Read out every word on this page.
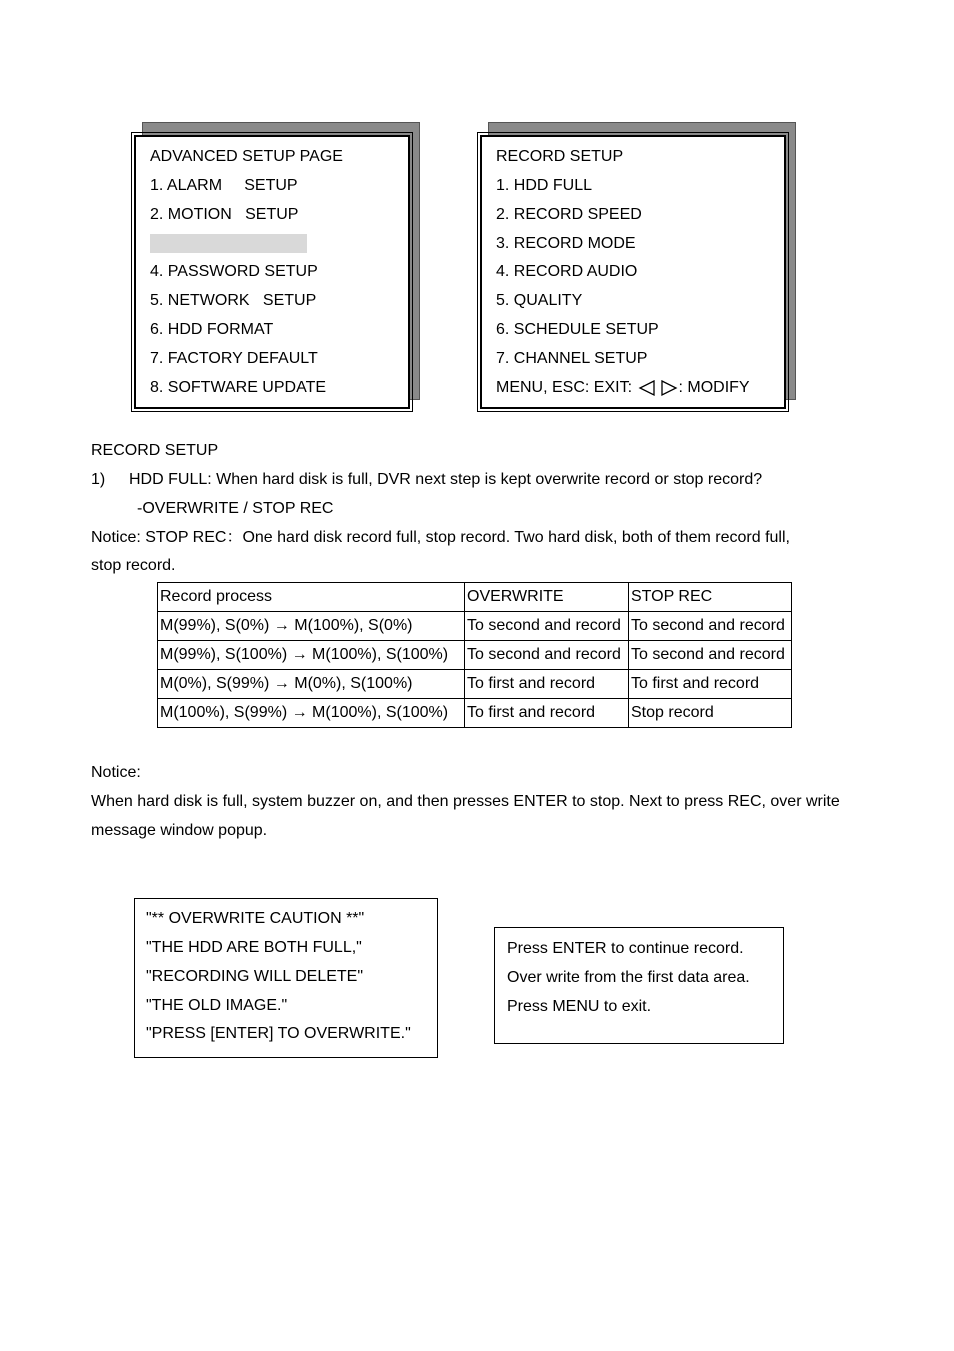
ADVANCED SETUP PAGE
1. ALARM     SETUP
2. MOTION   SETUP
4. PASSWORD SETUP
5. NETWORK   SETUP
6. HDD FORMAT
7. FACTORY DEFAULT
8. SOFTWARE UPDATE
RECORD SETUP
1. HDD FULL
2. RECORD SPEED
3. RECORD MODE
4. RECORD AUDIO
5. QUALITY
6. SCHEDULE SETUP
7. CHANNEL SETUP
MENU, ESC: EXIT:	: MODIFY
RECORD SETUP
1) HDD FULL: When hard disk is full, DVR next step is kept overwrite record or stop record?
-OVERWRITE / STOP REC
Notice: STOP REC：One hard disk record full, stop record. Two hard disk, both of them record full,
stop record.
Record process	OVERWRITE	STOP REC
M(99%), S(0%) → M(100%), S(0%)	To second and record	To second and record
M(99%), S(100%) → M(100%), S(100%)	To second and record	To second and record
M(0%), S(99%) → M(0%), S(100%)	To first and record	To first and record
M(100%), S(99%) → M(100%), S(100%)	To first and record	Stop record
Notice:
When hard disk is full, system buzzer on, and then presses ENTER to stop. Next to press REC, over write
message window popup.
"** OVERWRITE CAUTION **"
"THE HDD ARE BOTH FULL,"
"RECORDING WILL DELETE"
"THE OLD IMAGE."
"PRESS [ENTER] TO OVERWRITE."
Press ENTER to continue record.
Over write from the first data area.
Press MENU to exit.
